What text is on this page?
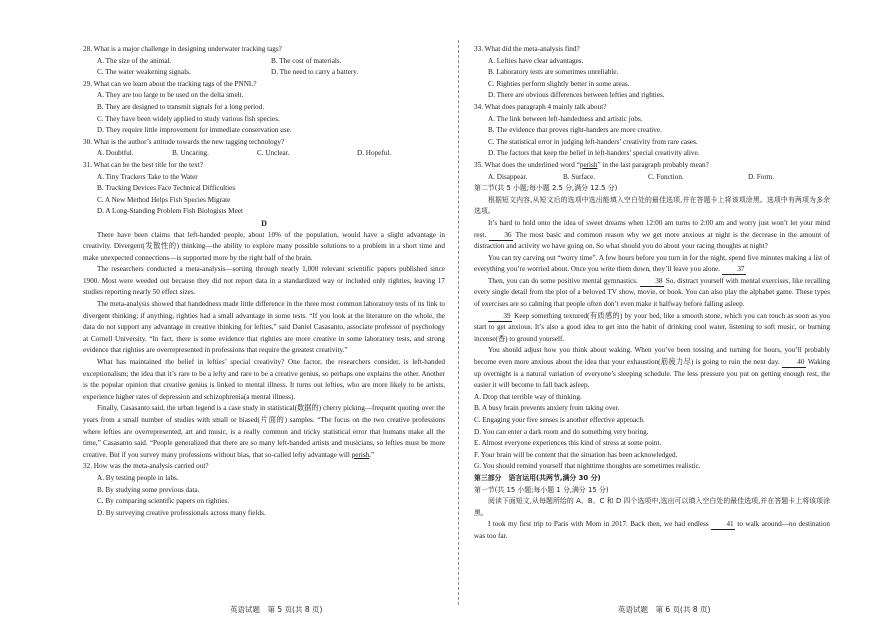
28. What is a major challenge in designing underwater tracking tags?
A. The size of the animal.	B. The cost of materials.
C. The water weakening signals.	D. The need to carry a battery.
29. What can we learn about the tracking tags of the PNNL?
A. They are too large to be used on the delta smelt.
B. They are designed to transmit signals for a long period.
C. They have been widely applied to study various fish species.
D. They require little improvement for immediate conservation use.
30. What is the author’s attitude towards the new tagging technology?
A. Doubtful.	B. Uncaring.	C. Unclear.	D. Hopeful.
31. What can be the best title for the text?
A. Tiny Trackers Take to the Water
B. Tracking Devices Face Technical Difficulties
C. A New Method Helps Fish Species Migrate
D. A Long-Standing Problem Fish Biologists Meet
D
There have been claims that left-handed people, about 10% of the population, would have a slight advantage in creativity. Divergent(发散性的) thinking—the ability to explore many possible solutions to a problem in a short time and make unexpected connections—is supported more by the right half of the brain.
The researchers conducted a meta-analysis—sorting through nearly 1,000 relevant scientific papers published since 1900. Most were weeded out because they did not report data in a standardized way or included only righties, leaving 17 studies reporting nearly 50 effect sizes.
The meta-analysis showed that handedness made little difference in the three most common laboratory tests of its link to divergent thinking; if anything, righties had a small advantage in some tests. “If you look at the literature on the whole, the data do not support any advantage in creative thinking for lefties,” said Daniel Casasanto, associate professor of psychology at Cornell University. “In fact, there is some evidence that righties are more creative in some laboratory tests, and strong evidence that righties are overrepresented in professions that require the greatest creativity.”
What has maintained the belief in lefties’ special creativity? One factor, the researchers consider, is left-handed exceptionalism; the idea that it’s rare to be a lefty and rare to be a creative genius, so perhaps one explains the other. Another is the popular opinion that creative genius is linked to mental illness. It turns out lefties, who are more likely to be artists, experience higher rates of depression and schizophrenia(a mental illness).
Finally, Casasanto said, the urban legend is a case study in statistical(数据的) cherry picking—frequent quoting over the years from a small number of studies with small or biased(片面的) samples. “The focus on the two creative professions where lefties are overrepresented, art and music, is a really common and tricky statistical error that humans make all the time,” Casasanto said. “People generalized that there are so many left-handed artists and musicians, so lefties must be more creative. But if you survey many professions without bias, that so-called lefty advantage will perish.”
32. How was the meta-analysis carried out?
A. By testing people in labs.
B. By studying some previous data.
C. By comparing scientific papers on righties.
D. By surveying creative professionals across many fields.
33. What did the meta-analysis find?
A. Lefties have clear advantages.
B. Laboratory tests are sometimes unreliable.
C. Righties perform slightly better in some areas.
D. There are obvious differences between lefties and righties.
34. What does paragraph 4 mainly talk about?
A. The link between left-handedness and artistic jobs.
B. The evidence that proves right-handers are more creative.
C. The statistical error in judging left-handers’ creativity from rare cases.
D. The factors that keep the belief in left-handers’ special creativity alive.
35. What does the underlined word “perish” in the last paragraph probably mean?
A. Disappear.	B. Surface.	C. Function.	D. Form.
第二节(共 5 小题;每小题 2.5 分,满分 12.5 分)
根据短文内容,从短文后的选项中选出能填入空白处的最佳选项,并在答题卡上将该项涂黑。选项中有两项为多余选项。
It’s hard to hold onto the idea of sweet dreams when 12:00 am turns to 2:00 am and worry just won’t let your mind rest. 36 The most basic and common reason why we get more anxious at night is the decrease in the amount of distraction and activity we have going on. So what should you do about your racing thoughts at night?
You can try carving out “worry time”. A few hours before you turn in for the night, spend five minutes making a list of everything you’re worried about. Once you write them down, they’ll leave you alone. 37
Then, you can do some positive mental gymnastics. 38 So, distract yourself with mental exercises, like recalling every single detail from the plot of a beloved TV show, movie, or book. You can also play the alphabet game. These types of exercises are so calming that people often don’t even make it halfway before falling asleep.
39 Keep something textured(有质感的) by your bed, like a smooth stone, which you can touch as soon as you start to get anxious. It’s also a good idea to get into the habit of drinking cool water, listening to soft music, or burning incense(香) to ground yourself.
You should adjust how you think about waking. When you’ve been tossing and turning for hours, you’ll probably become even more anxious about the idea that your exhaustion(筋疲力尽) is going to ruin the next day. 40 Waking up overnight is a natural variation of everyone’s sleeping schedule. The less pressure you put on getting enough rest, the easier it will become to fall back asleep.
A. Drop that terrible way of thinking.
B. A busy brain prevents anxiety from taking over.
C. Engaging your five senses is another effective approach.
D. You can enter a dark room and do something very boring.
E. Almost everyone experiences this kind of stress at some point.
F. Your brain will be content that the situation has been acknowledged.
G. You should remind yourself that nighttime thoughts are sometimes realistic.
第三部分　语言运用(共两节,满分 30 分)
第一节(共 15 小题;每小题 1 分,满分 15 分)
阅读下面短文,从每题所给的 A、B、C 和 D 四个选项中,选出可以填入空白处的最佳选项,并在答题卡上将该项涂黑。
I took my first trip to Paris with Mom in 2017. Back then, we had endless 41 to walk around—no destination was too far.
英语试题　第 5 页(共 8 页)	英语试题　第 6 页(共 8 页)
